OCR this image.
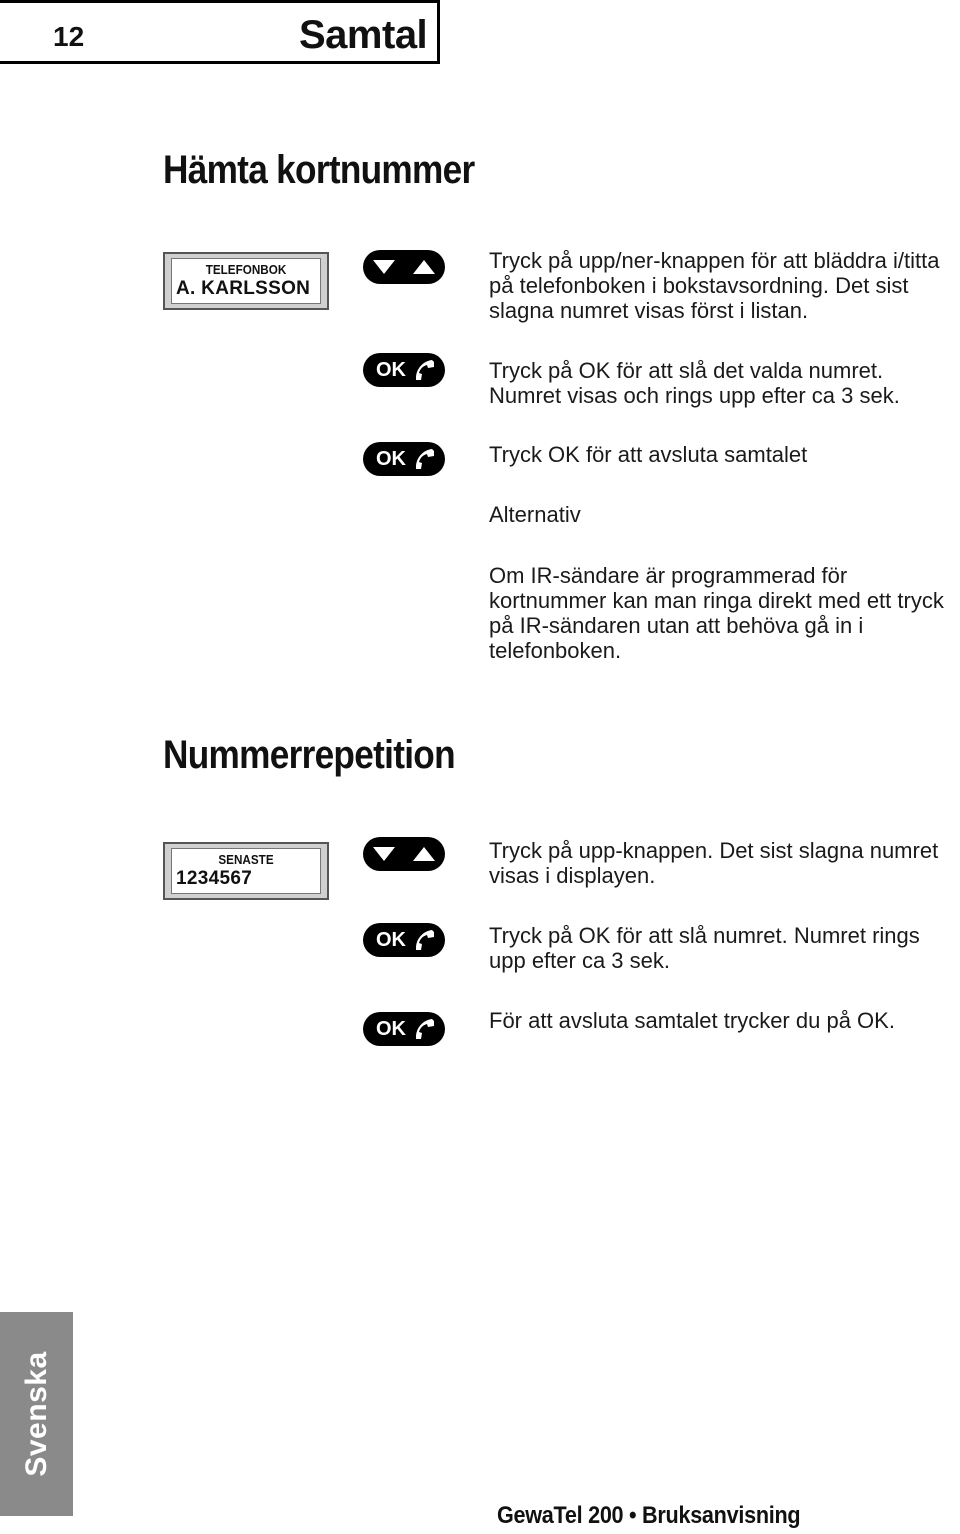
12	Samtal
Hämta kortnummer
TELEFONBOK
A. KARLSSON
Tryck på upp/ner-knappen för att bläddra i/titta på telefonboken i bokstavsordning. Det sist slagna numret visas först i listan.
OK	Tryck på OK för att slå det valda numret. Numret visas och rings upp efter ca 3 sek.
OK	Tryck OK för att avsluta samtalet
Alternativ
Om IR-sändare är programmerad för kortnummer kan man ringa direkt med ett tryck på IR-sändaren utan att behöva gå in i telefonboken.
Nummerrepetition
SENASTE
1234567
Tryck på upp-knappen. Det sist slagna numret visas i displayen.
OK	Tryck på OK för att slå numret. Numret rings upp efter ca 3 sek.
OK	För att avsluta samtalet trycker du på OK.
Svenska
GewaTel 200 • Bruksanvisning
